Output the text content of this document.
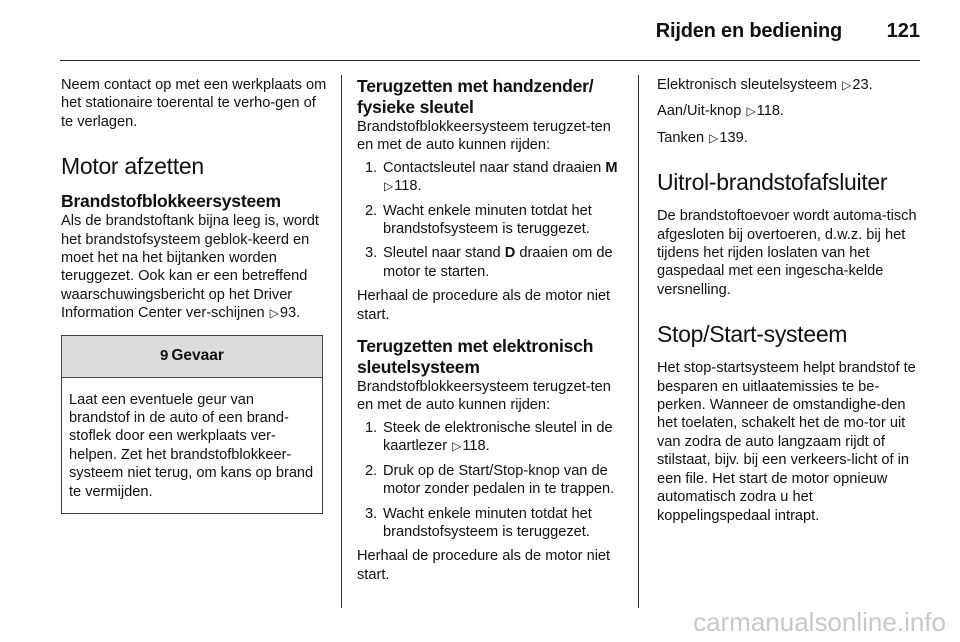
Rijden en bediening 121

Neem contact op met een werkplaats om het stationaire toerental te verho-gen of te verlagen.

Motor afzetten
Brandstofblokkeersysteem

Als de brandstoftank bijna leeg is, wordt het brandstofsysteem geblok-keerd en moet het na het bijtanken worden teruggezet. Ook kan er een betreffend waarschuwingsbericht op het Driver Information Center ver-schijnen ▷93.

9 Gevaar
Laat een eventuele geur van brandstof in de auto of een brand-stoflek door een werkplaats ver-helpen. Zet het brandstofblokkeer-systeem niet terug, om kans op brand te vermijden.
Terugzetten met handzender/ fysieke sleutel

Brandstofblokkeersysteem terugzet-ten en met de auto kunnen rijden:

1. Contactsleutel naar stand draaien M ▷118.
2. Wacht enkele minuten totdat het brandstofsysteem is teruggezet.
3. Sleutel naar stand D draaien om de motor te starten.

Herhaal de procedure als de motor niet start.

Terugzetten met elektronisch sleutelsysteem

Brandstofblokkeersysteem terugzet-ten en met de auto kunnen rijden:

1. Steek de elektronische sleutel in de kaartlezer ▷118.
2. Druk op de Start/Stop-knop van de motor zonder pedalen in te trappen.
3. Wacht enkele minuten totdat het brandstofsysteem is teruggezet.

Herhaal de procedure als de motor niet start.

Elektronisch sleutelsysteem ▷23.

Aan/Uit-knop ▷118.

Tanken ▷139.

Uitrol-brandstofafsluiter

De brandstoftoevoer wordt automa-tisch afgesloten bij overtoeren, d.w.z. bij het tijdens het rijden loslaten van het gaspedaal met een ingescha-kelde versnelling.

Stop/Start-systeem

Het stop-startsysteem helpt brandstof te besparen en uitlaatemissies te be-perken. Wanneer de omstandighe-den het toelaten, schakelt het de mo-tor uit van zodra de auto langzaam rijdt of stilstaat, bijv. bij een verkeers-licht of in een file. Het start de motor opnieuw automatisch zodra u het koppelingspedaal intrapt.

carmanualsonline.info
